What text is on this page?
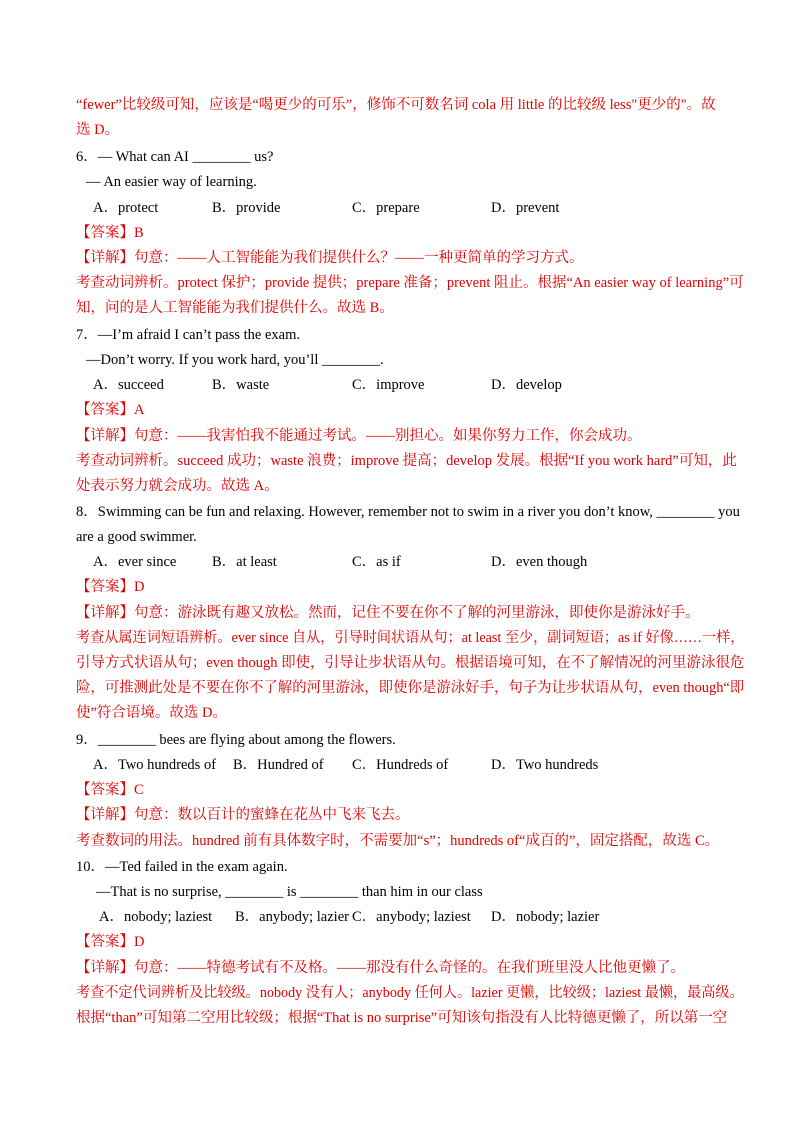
“fewer”比较级可知，应该是“喝更少的可乐”，修饰不可数名词 cola 用 little 的比较级 less"更少的"。故
选 D。
6．— What can AI ________ us?
— An easier way of learning.
A．protect	B．provide	C．prepare	D．prevent
【答案】B
【详解】句意：——人工智能能为我们提供什么？——一种更简单的学习方式。
考查动词辨析。protect 保护；provide 提供；prepare 准备；prevent 阻止。根据“An easier way of learning”可
知，问的是人工智能能为我们提供什么。故选 B。
7．—I’m afraid I can’t pass the exam.
—Don’t worry. If you work hard, you’ll ________.
A．succeed	B．waste	C．improve	D．develop
【答案】A
【详解】句意：——我害怕我不能通过考试。——别担心。如果你努力工作，你会成功。
考查动词辨析。succeed 成功；waste 浪费；improve 提高；develop 发展。根据“If you work hard”可知，此
处表示努力就会成功。故选 A。
8．Swimming can be fun and relaxing. However, remember not to swim in a river you don’t know, ________ you
are a good swimmer.
A．ever since B．at least	C．as if	D．even though
【答案】D
【详解】句意：游泳既有趣又放松。然而，记住不要在你不了解的河里游泳，即使你是游泳好手。
考查从属连词短语辨析。ever since 自从，引导时间状语从句；at least 至少，副词短语；as if 好像……一样，
引导方式状语从句；even though 即使，引导让步状语从句。根据语境可知，在不了解情况的河里游泳很危
险，可推测此处是不要在你不了解的河里游泳，即使你是游泳好手，句子为让步状语从句，even though“即
使”符合语境。故选 D。
9．________ bees are flying about among the flowers.
A．Two hundreds of B．Hundred of C．Hundreds of	D．Two hundreds
【答案】C
【详解】句意：数以百计的蜜蜂在花丛中飞来飞去。
考查数词的用法。hundred 前有具体数字时，不需要加“s”；hundreds of“成百的”，固定搭配，故选 C。
10．—Ted failed in the exam again.
—That is no surprise, ________ is ________ than him in our class
A．nobody; laziest B．anybody; lazier C．anybody; laziest D．nobody; lazier
【答案】D
【详解】句意：——特德考试有不及格。——那没有什么奇怪的。在我们班里没人比他更懒了。
考查不定代词辨析及比较级。nobody 没有人；anybody 任何人。lazier 更懒，比较级；laziest 最懒，最高级。
根据“than”可知第二空用比较级；根据“That is no surprise”可知该句指没有人比特德更懒了，所以第一空
